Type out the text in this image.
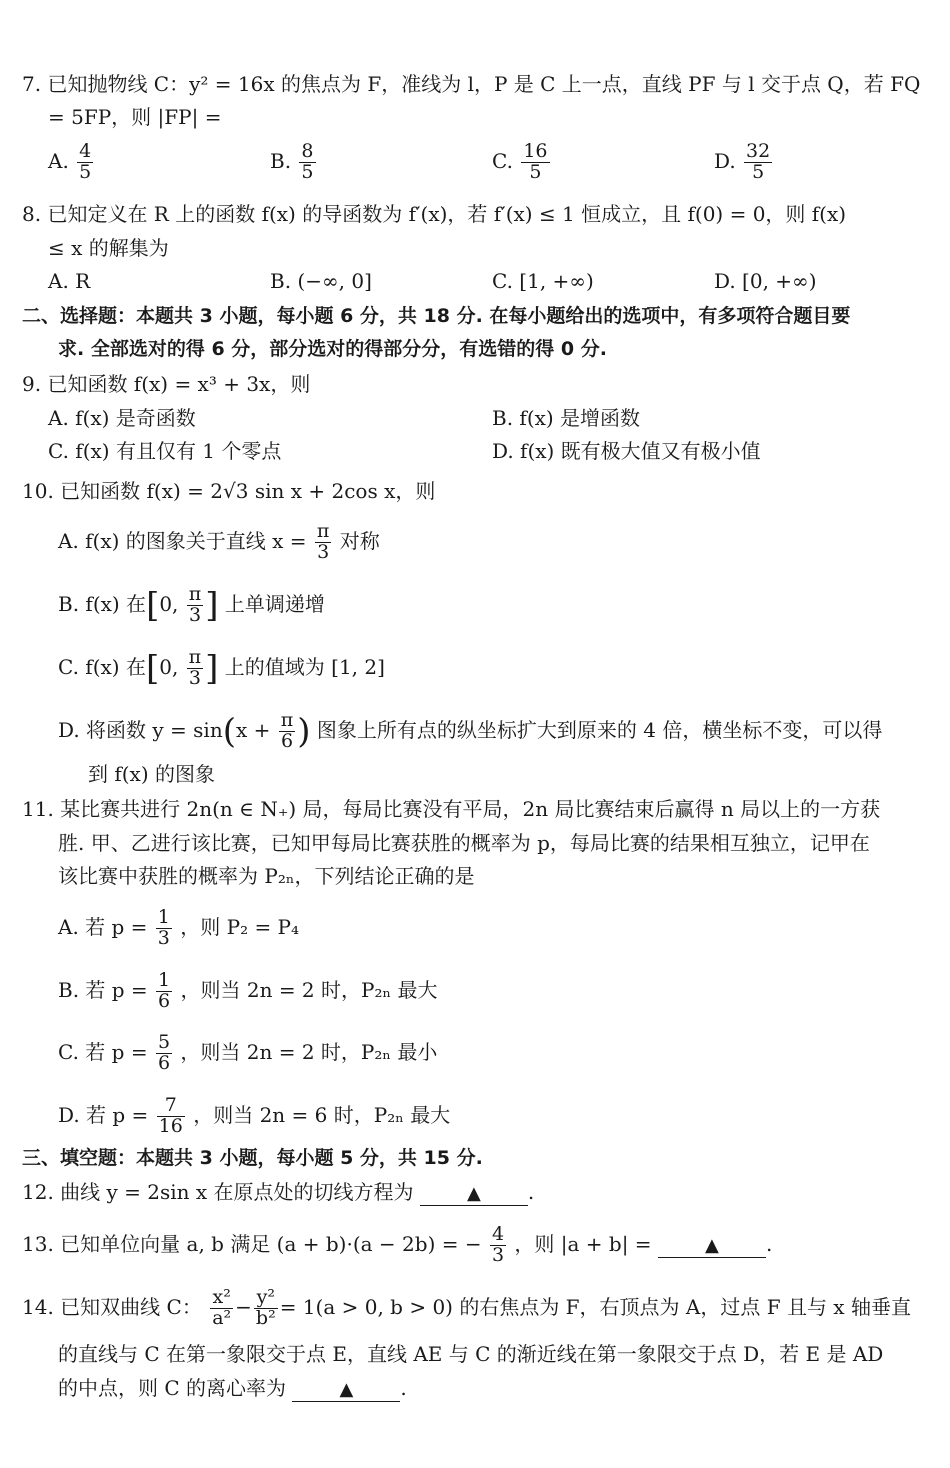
7. 已知抛物线 C：y² = 16x 的焦点为 F，准线为 l，P 是 C 上一点，直线 PF 与 l 交于点 Q，若 FQ
= 5FP，则 |FP| =
A. $\frac{4}{5}$	B. $\frac{8}{5}$	C. $\frac{16}{5}$	D. $\frac{32}{5}$
8. 已知定义在 R 上的函数 f(x) 的导函数为 f′(x)，若 f′(x) ≤ 1 恒成立，且 f(0) = 0，则 f(x)
≤ x 的解集为
A. R	B. (−∞, 0]	C. [1, +∞)	D. [0, +∞)
二、选择题：本题共 3 小题，每小题 6 分，共 18 分. 在每小题给出的选项中，有多项符合题目要
求. 全部选对的得 6 分，部分选对的得部分分，有选错的得 0 分.
9. 已知函数 f(x) = x³ + 3x，则
A. f(x) 是奇函数	B. f(x) 是增函数
C. f(x) 有且仅有 1 个零点	D. f(x) 既有极大值又有极小值
10. 已知函数 f(x) = 2√3 sin x + 2cos x，则
A. f(x) 的图象关于直线 $x = \frac{\pi}{3}$ 对称
B. f(x) 在[0, $\frac{\pi}{3}$ ] 上单调递增
C. f(x) 在[0, $\frac{\pi}{3}$ ] 上的值域为 [1, 2]
D. 将函数 $y = \sin(x + \frac{\pi}{6}$ ) 图象上所有点的纵坐标扩大到原来的 4 倍，横坐标不变，可以得
到 f(x) 的图象
11. 某比赛共进行 2n(n ∈ N₊) 局，每局比赛没有平局，2n 局比赛结束后赢得 n 局以上的一方获
胜. 甲、乙进行该比赛，已知甲每局比赛获胜的概率为 p，每局比赛的结果相互独立，记甲在
该比赛中获胜的概率为 P₂ₙ，下列结论正确的是
A. 若 $p = \frac{1}{3}$ ，则 P₂ = P₄
B. 若 $p = \frac{1}{6}$ ，则当 2n = 2 时，P₂ₙ 最大
C. 若 $p = \frac{5}{6}$ ，则当 2n = 2 时，P₂ₙ 最小
D. 若 $p = \frac{7}{16}$ ，则当 2n = 6 时，P₂ₙ 最大
三、填空题：本题共 3 小题，每小题 5 分，共 15 分.
12. 曲线 y = 2sin x 在原点处的切线方程为	▲ .
13. 已知单位向量 a, b 满足 (a + b)·(a − 2b) = − $\frac{4}{3}$ ，则 |a + b| =	▲ .
14. 已知双曲线 C： $\frac{\text{x²}}{\text{a²}} - \frac{\text{y²}}{\text{b²}} = 1(a > 0$, b > 0) 的右焦点为 F，右顶点为 A，过点 F 且与 x 轴垂直
的直线与 C 在第一象限交于点 E，直线 AE 与 C 的渐近线在第一象限交于点 D，若 E 是 AD
的中点，则 C 的离心率为	▲ .
